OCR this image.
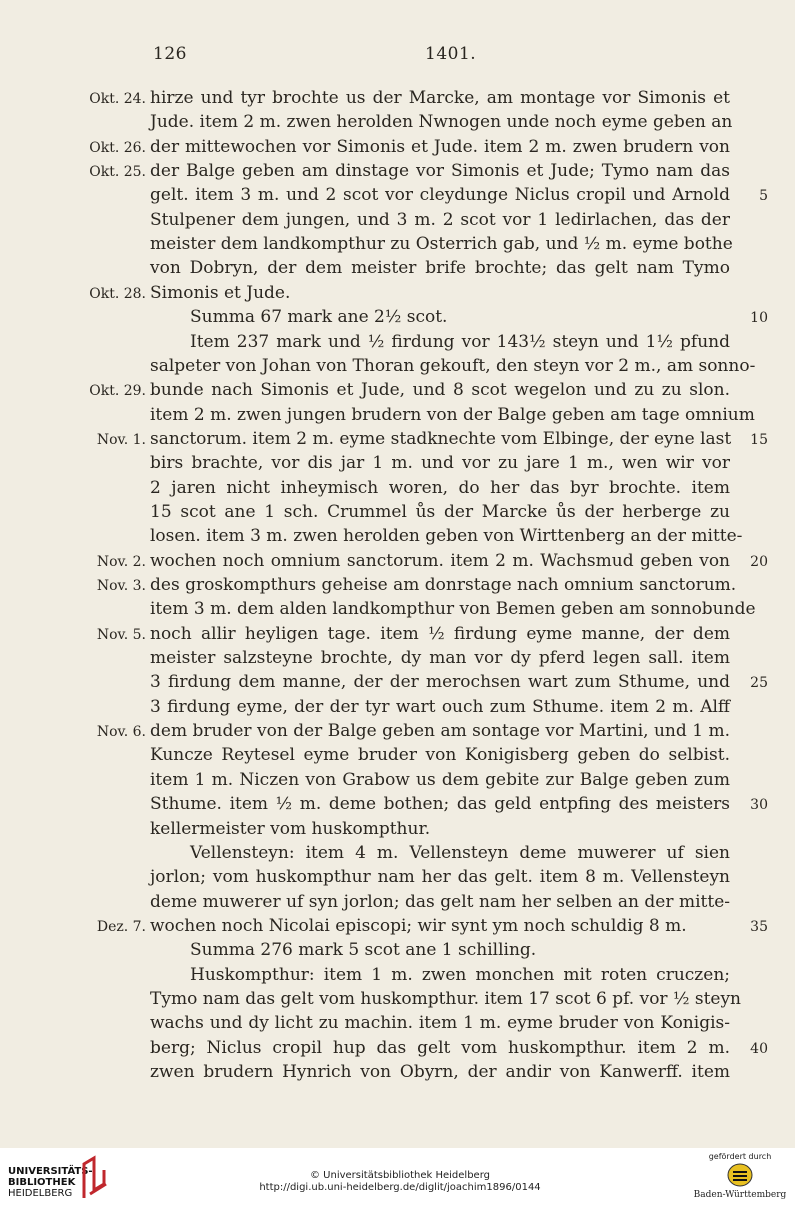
126	1401.
Okt. 24. hirze und tyr brochte us der Marcke, am montage vor Simonis et
Jude. item 2 m. zwen herolden Nwnogen unde noch eyme geben an
Okt. 26. der mittewochen vor Simonis et Jude. item 2 m. zwen brudern von
Okt. 25. der Balge geben am dinstage vor Simonis et Jude; Tymo nam das
gelt. item 3 m. und 2 scot vor cleydunge Niclus cropil und Arnold	5
Stulpener dem jungen, und 3 m. 2 scot vor 1 ledirlachen, das der
meister dem landkompthur zu Osterrich gab, und ½ m. eyme bothe
von Dobryn, der dem meister brife brochte; das gelt nam Tymo
Okt. 28. Simonis et Jude.
Summa 67 mark ane 2½ scot.	10
Item 237 mark und ½ firdung vor 143½ steyn und 1½ pfund
salpeter von Johan von Thoran gekouft, den steyn vor 2 m., am sonno-
Okt. 29. bunde nach Simonis et Jude, und 8 scot wegelon und zu zu slon.
item 2 m. zwen jungen brudern von der Balge geben am tage omnium
Nov. 1. sanctorum. item 2 m. eyme stadknechte vom Elbinge, der eyne last	15
birs brachte, vor dis jar 1 m. und vor zu jare 1 m., wen wir vor
2 jaren nicht inheymisch woren, do her das byr brochte. item
15 scot ane 1 sch. Crummel ůs der Marcke ůs der herberge zu
losen. item 3 m. zwen herolden geben von Wirttenberg an der mitte-
Nov. 2. wochen noch omnium sanctorum. item 2 m. Wachsmud geben von	20
Nov. 3. des groskompthurs geheise am donrstage nach omnium sanctorum.
item 3 m. dem alden landkompthur von Bemen geben am sonnobunde
Nov. 5. noch allir heyligen tage. item ½ firdung eyme manne, der dem
meister salzsteyne brochte, dy man vor dy pferd legen sall. item
3 firdung dem manne, der der merochsen wart zum Sthume, und	25
3 firdung eyme, der der tyr wart ouch zum Sthume. item 2 m. Alff
Nov. 6. dem bruder von der Balge geben am sontage vor Martini, und 1 m.
Kuncze Reytesel eyme bruder von Konigisberg geben do selbist.
item 1 m. Niczen von Grabow us dem gebite zur Balge geben zum
Sthume. item ½ m. deme bothen; das geld entpfing des meisters	30
kellermeister vom huskompthur.
Vellensteyn: item 4 m. Vellensteyn deme muwerer uf sien
jorlon; vom huskompthur nam her das gelt. item 8 m. Vellensteyn
deme muwerer uf syn jorlon; das gelt nam her selben an der mitte-
Dez. 7. wochen noch Nicolai episcopi; wir synt ym noch schuldig 8 m.	35
Summa 276 mark 5 scot ane 1 schilling.
Huskompthur: item 1 m. zwen monchen mit roten cruczen;
Tymo nam das gelt vom huskompthur. item 17 scot 6 pf. vor ½ steyn
wachs und dy licht zu machin. item 1 m. eyme bruder von Konigis-
berg; Niclus cropil hup das gelt vom huskompthur. item 2 m.	40
zwen brudern Hynrich von Obyrn, der andir von Kanwerff. item
UNIVERSITÄTS-
BIBLIOTHEK
HEIDELBERG
© Universitätsbibliothek Heidelberg
http://digi.ub.uni-heidelberg.de/diglit/joachim1896/0144
gefördert durch
Baden-Württemberg
